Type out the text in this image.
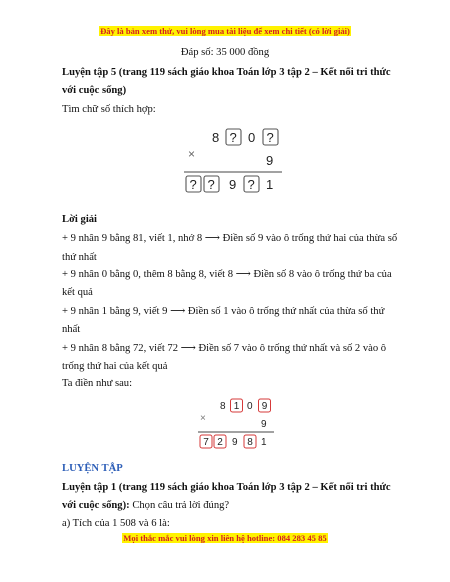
Đây là bản xem thử, vui lòng mua tài liệu để xem chi tiết (có lời giải)
Đáp số: 35 000 đồng
Luyện tập 5 (trang 119 sách giáo khoa Toán lớp 3 tập 2 – Kết nối tri thức
với cuộc sống)
Tìm chữ số thích hợp:
×
8 ? 0 ?
9
? ? 9 ? 1
Lời giải
+ 9 nhân 9 bằng 81, viết 1, nhớ 8 ⟶ Điền số 9 vào ô trống thứ hai của thừa số
thứ nhất
+ 9 nhân 0 bằng 0, thêm 8 bằng 8, viết 8 ⟶ Điền số 8 vào ô trống thứ ba của
kết quả
+ 9 nhân 1 bằng 9, viết 9 ⟶ Điền số 1 vào ô trống thứ nhất của thừa số thứ
nhất
+ 9 nhân 8 bằng 72, viết 72 ⟶ Điền số 7 vào ô trống thứ nhất và số 2 vào ô
trống thứ hai của kết quả
Ta điền như sau:
×
8 1 0 9
9
7 2 9 8 1
LUYỆN TẬP
Luyện tập 1 (trang 119 sách giáo khoa Toán lớp 3 tập 2 – Kết nối tri thức
với cuộc sống): Chọn câu trả lời đúng?
a) Tích của 1 508 và 6 là:
Mọi thắc mắc vui lòng xin liên hệ hotline: 084 283 45 85
